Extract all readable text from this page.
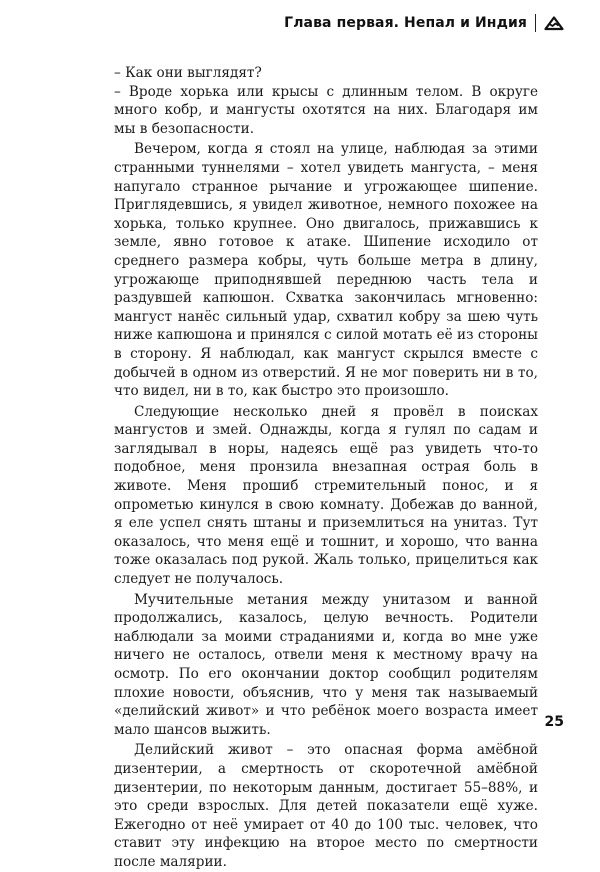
Глава первая. Непал и Индия

– Как они выглядят?

– Вроде хорька или крысы с длинным телом. В округе много кобр, и мангусты охотятся на них. Благодаря им мы в безопасности.

Вечером, когда я стоял на улице, наблюдая за этими странными туннелями – хотел увидеть мангуста, – меня напугало странное рычание и угрожающее шипение. Приглядевшись, я увидел животное, немного похожее на хорька, только крупнее. Оно двигалось, прижавшись к земле, явно готовое к атаке. Шипение исходило от среднего размера кобры, чуть больше метра в длину, угрожающе приподнявшей переднюю часть тела и раздувшей капюшон. Схватка закончилась мгновенно: мангуст нанёс сильный удар, схватил кобру за шею чуть ниже капюшона и принялся с силой мотать её из стороны в сторону. Я наблюдал, как мангуст скрылся вместе с добычей в одном из отверстий. Я не мог поверить ни в то, что видел, ни в то, как быстро это произошло.

Следующие несколько дней я провёл в поисках мангустов и змей. Однажды, когда я гулял по садам и заглядывал в норы, надеясь ещё раз увидеть что-то подобное, меня пронзила внезапная острая боль в животе. Меня прошиб стремительный понос, и я опрометью кинулся в свою комнату. Добежав до ванной, я еле успел снять штаны и приземлиться на унитаз. Тут оказалось, что меня ещё и тошнит, и хорошо, что ванна тоже оказалась под рукой. Жаль только, прицелиться как следует не получалось.

Мучительные метания между унитазом и ванной продолжались, казалось, целую вечность. Родители наблюдали за моими страданиями и, когда во мне уже ничего не осталось, отвели меня к местному врачу на осмотр. По его окончании доктор сообщил родителям плохие новости, объяснив, что у меня так называемый «делийский живот» и что ребёнок моего возраста имеет мало шансов выжить.

Делийский живот – это опасная форма амёбной дизентерии, а смертность от скоротечной амёбной дизентерии, по некоторым данным, достигает 55–88%, и это среди взрослых. Для детей показатели ещё хуже. Ежегодно от неё умирает от 40 до 100 тыс. человек, что ставит эту инфекцию на второе место по смертности после малярии.

25
